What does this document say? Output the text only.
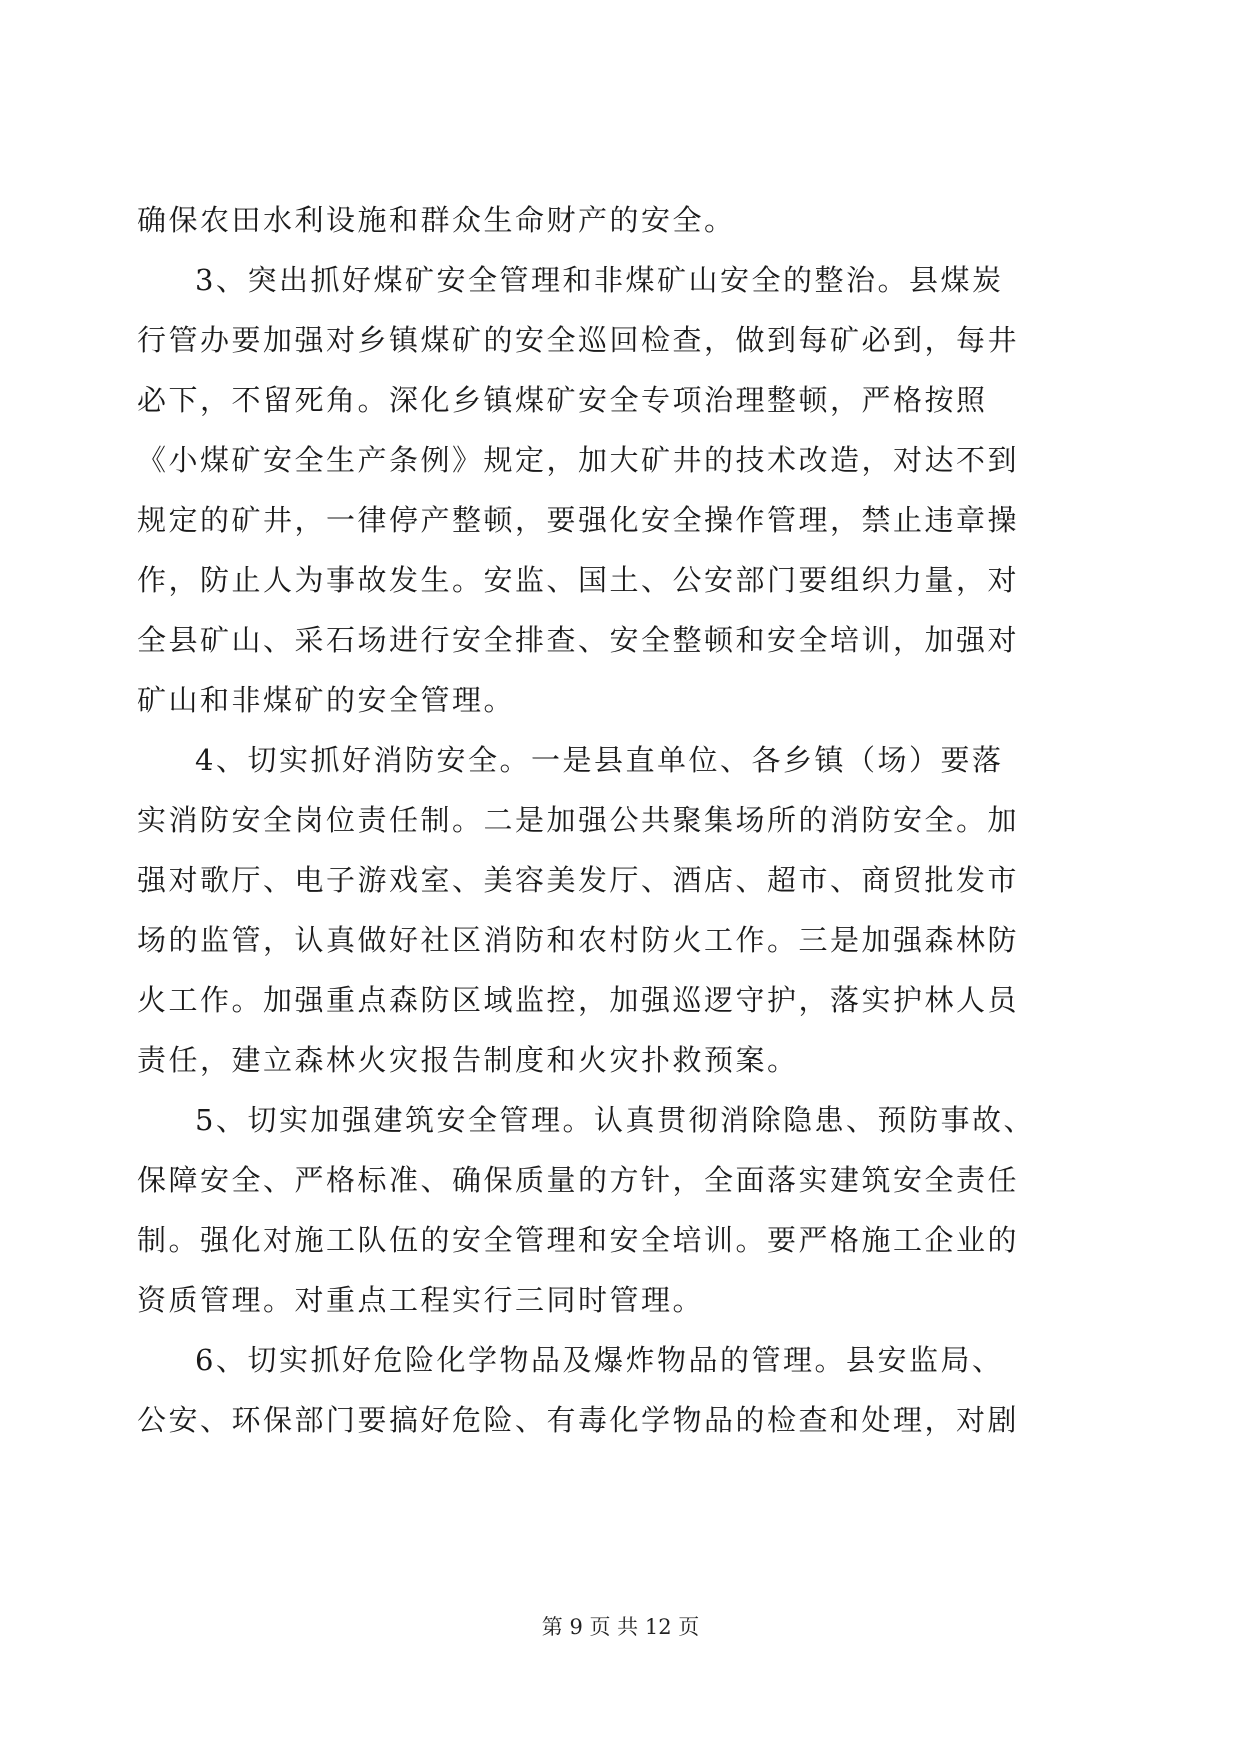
确保农田水利设施和群众生命财产的安全。
3、突出抓好煤矿安全管理和非煤矿山安全的整治。县煤炭
行管办要加强对乡镇煤矿的安全巡回检查，做到每矿必到，每井
必下，不留死角。深化乡镇煤矿安全专项治理整顿，严格按照
《小煤矿安全生产条例》规定，加大矿井的技术改造，对达不到
规定的矿井，一律停产整顿，要强化安全操作管理，禁止违章操
作，防止人为事故发生。安监、国土、公安部门要组织力量，对
全县矿山、采石场进行安全排查、安全整顿和安全培训，加强对
矿山和非煤矿的安全管理。
4、切实抓好消防安全。一是县直单位、各乡镇（场）要落
实消防安全岗位责任制。二是加强公共聚集场所的消防安全。加
强对歌厅、电子游戏室、美容美发厅、酒店、超市、商贸批发市
场的监管，认真做好社区消防和农村防火工作。三是加强森林防
火工作。加强重点森防区域监控，加强巡逻守护，落实护林人员
责任，建立森林火灾报告制度和火灾扑救预案。
5、切实加强建筑安全管理。认真贯彻消除隐患、预防事故、
保障安全、严格标准、确保质量的方针，全面落实建筑安全责任
制。强化对施工队伍的安全管理和安全培训。要严格施工企业的
资质管理。对重点工程实行三同时管理。
6、切实抓好危险化学物品及爆炸物品的管理。县安监局、
公安、环保部门要搞好危险、有毒化学物品的检查和处理，对剧
第 9 页 共 12 页
